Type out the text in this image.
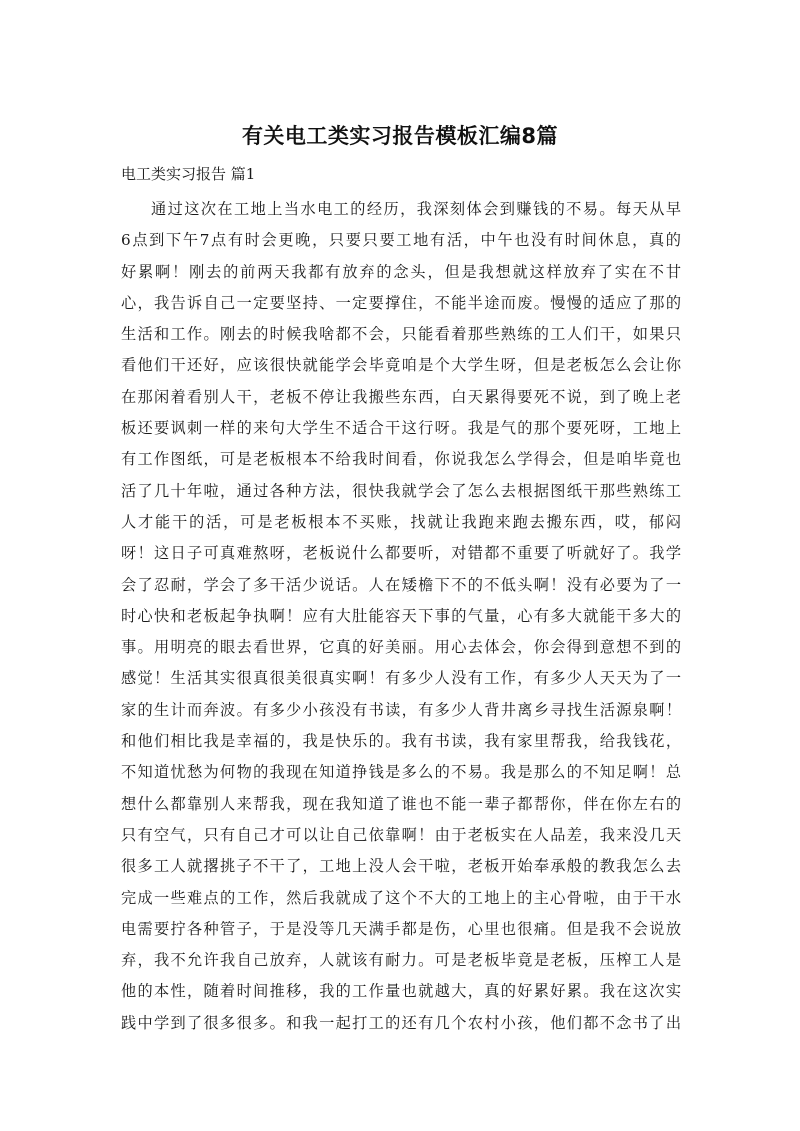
有关电工类实习报告模板汇编8篇

电工类实习报告 篇1

通过这次在工地上当水电工的经历，我深刻体会到赚钱的不易。每天从早
6点到下午7点有时会更晚，只要只要工地有活，中午也没有时间休息，真的
好累啊！刚去的前两天我都有放弃的念头，但是我想就这样放弃了实在不甘
心，我告诉自己一定要坚持、一定要撑住，不能半途而废。慢慢的适应了那的
生活和工作。刚去的时候我啥都不会，只能看着那些熟练的工人们干，如果只
看他们干还好，应该很快就能学会毕竟咱是个大学生呀，但是老板怎么会让你
在那闲着看别人干，老板不停让我搬些东西，白天累得要死不说，到了晚上老
板还要讽刺一样的来句大学生不适合干这行呀。我是气的那个要死呀，工地上
有工作图纸，可是老板根本不给我时间看，你说我怎么学得会，但是咱毕竟也
活了几十年啦，通过各种方法，很快我就学会了怎么去根据图纸干那些熟练工
人才能干的活，可是老板根本不买账，找就让我跑来跑去搬东西，哎，郁闷
呀！这日子可真难熬呀，老板说什么都要听，对错都不重要了听就好了。我学
会了忍耐，学会了多干活少说话。人在矮檐下不的不低头啊！没有必要为了一
时心快和老板起争执啊！应有大肚能容天下事的气量，心有多大就能干多大的
事。用明亮的眼去看世界，它真的好美丽。用心去体会，你会得到意想不到的
感觉！生活其实很真很美很真实啊！有多少人没有工作，有多少人天天为了一
家的生计而奔波。有多少小孩没有书读，有多少人背井离乡寻找生活源泉啊！
和他们相比我是幸福的，我是快乐的。我有书读，我有家里帮我，给我钱花，
不知道忧愁为何物的我现在知道挣钱是多么的不易。我是那么的不知足啊！总
想什么都靠别人来帮我，现在我知道了谁也不能一辈子都帮你，伴在你左右的
只有空气，只有自己才可以让自己依靠啊！由于老板实在人品差，我来没几天
很多工人就撂挑子不干了，工地上没人会干啦，老板开始奉承般的教我怎么去
完成一些难点的工作，然后我就成了这个不大的工地上的主心骨啦，由于干水
电需要拧各种管子，于是没等几天满手都是伤，心里也很痛。但是我不会说放
弃，我不允许我自己放弃，人就该有耐力。可是老板毕竟是老板，压榨工人是
他的本性，随着时间推移，我的工作量也就越大，真的好累好累。我在这次实
践中学到了很多很多。和我一起打工的还有几个农村小孩，他们都不念书了出
